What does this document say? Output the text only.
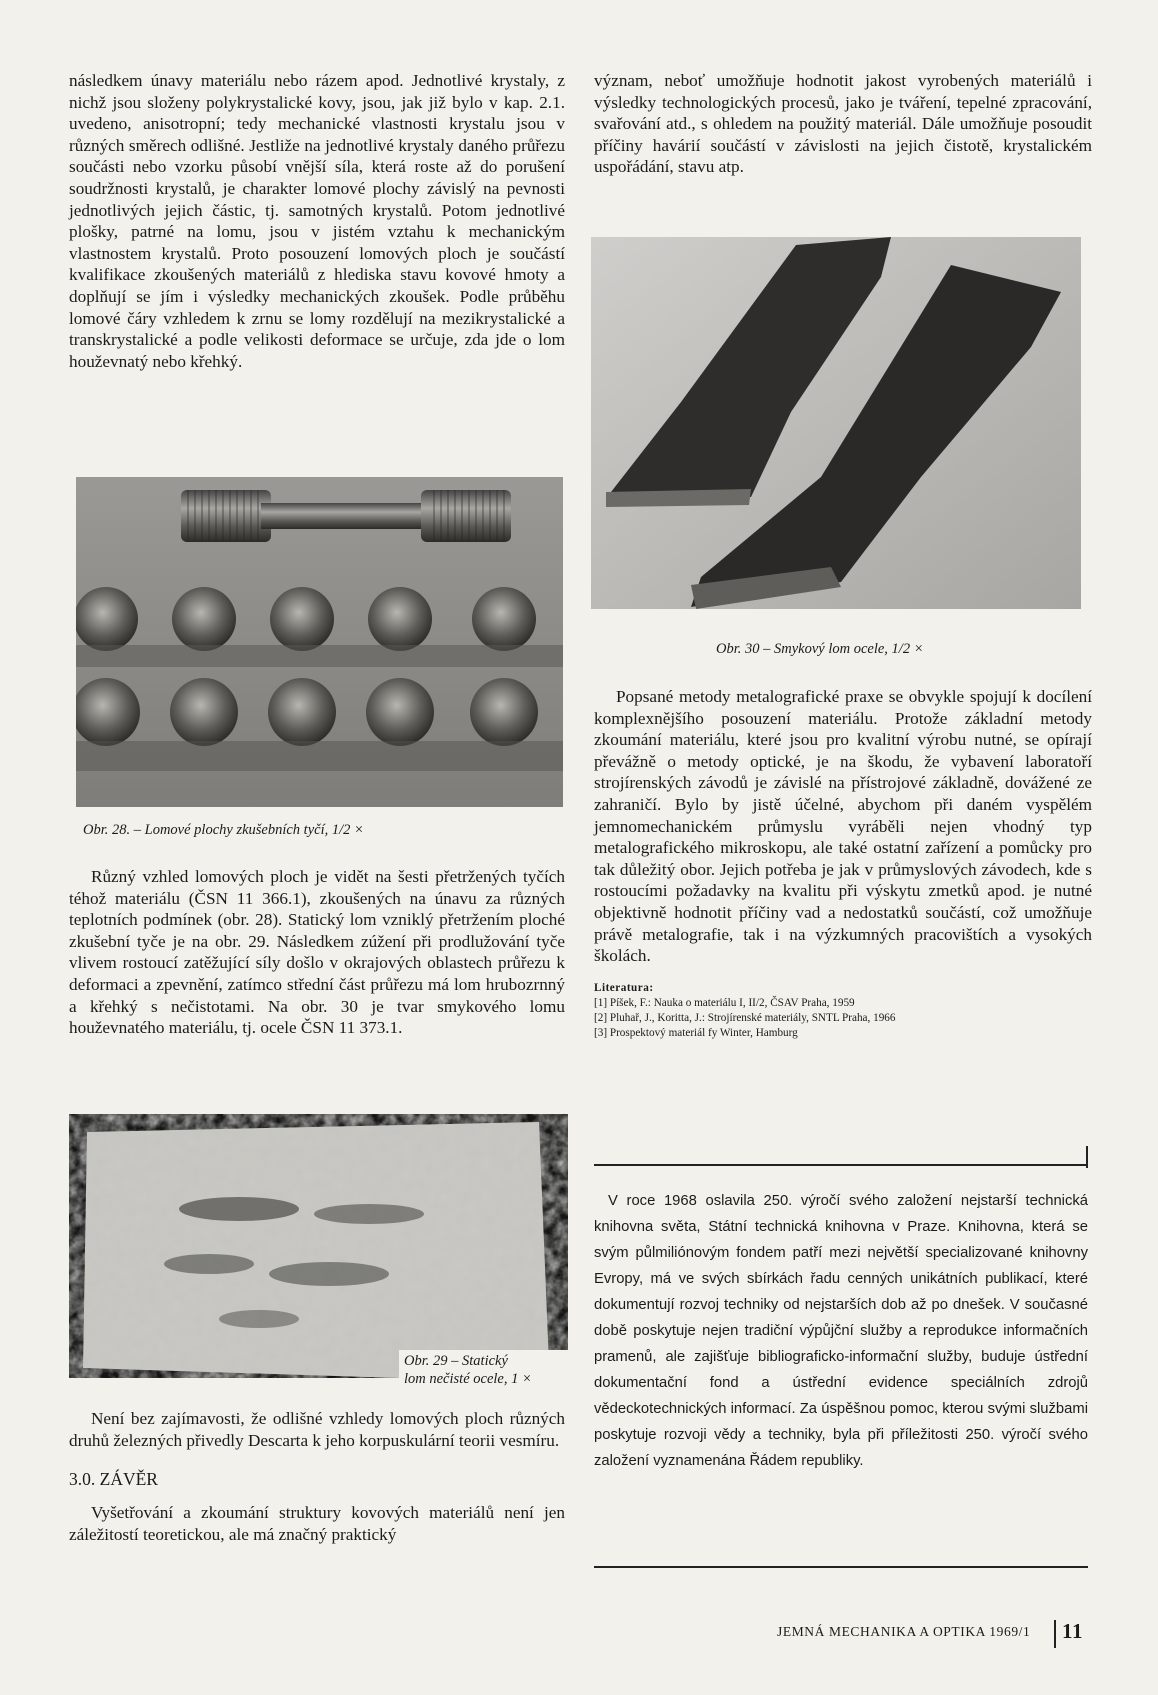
následkem únavy materiálu nebo rázem apod. Jednotlivé krystaly, z nichž jsou složeny polykrystalické kovy, jsou, jak již bylo v kap. 2.1. uvedeno, anisotropní; tedy mechanické vlastnosti krystalu jsou v různých směrech odlišné. Jestliže na jednotlivé krystaly daného průřezu součásti nebo vzorku působí vnější síla, která roste až do porušení soudržnosti krystalů, je charakter lomové plochy závislý na pevnosti jednotlivých jejich částic, tj. samotných krystalů. Potom jednotlivé plošky, patrné na lomu, jsou v jistém vztahu k mechanickým vlastnostem krystalů. Proto posouzení lomových ploch je součástí kvalifikace zkoušených materiálů z hlediska stavu kovové hmoty a doplňují se jím i výsledky mechanických zkoušek. Podle průběhu lomové čáry vzhledem k zrnu se lomy rozdělují na mezikrystalické a transkrystalické a podle velikosti deformace se určuje, zda jde o lom houževnatý nebo křehký.

Obr. 28. – Lomové plochy zkušebních tyčí, 1/2 ×

Různý vzhled lomových ploch je vidět na šesti přetržených tyčích téhož materiálu (ČSN 11 366.1), zkoušených na únavu za různých teplotních podmínek (obr. 28). Statický lom vzniklý přetržením ploché zkušební tyče je na obr. 29. Následkem zúžení při prodlužování tyče vlivem rostoucí zatěžující síly došlo v okrajových oblastech průřezu k deformaci a zpevnění, zatímco střední část průřezu má lom hrubozrnný a křehký s nečistotami. Na obr. 30 je tvar smykového lomu houževnatého materiálu, tj. ocele ČSN 11 373.1.

Obr. 29 – Statický
lom nečisté ocele, 1 ×

Není bez zajímavosti, že odlišné vzhledy lomových ploch různých druhů železných přivedly Descarta k jeho korpuskulární teorii vesmíru.

3.0. ZÁVĚR

Vyšetřování a zkoumání struktury kovových materiálů není jen záležitostí teoretickou, ale má značný praktický

význam, neboť umožňuje hodnotit jakost vyrobených materiálů i výsledky technologických procesů, jako je tváření, tepelné zpracování, svařování atd., s ohledem na použitý materiál. Dále umožňuje posoudit příčiny havárií součástí v závislosti na jejich čistotě, krystalickém uspořádání, stavu atp.

Obr. 30 – Smykový lom ocele, 1/2 ×

Popsané metody metalografické praxe se obvykle spojují k docílení komplexnějšího posouzení materiálu. Protože základní metody zkoumání materiálu, které jsou pro kvalitní výrobu nutné, se opírají převážně o metody optické, je na škodu, že vybavení laboratoří strojírenských závodů je závislé na přístrojové základně, dovážené ze zahraničí. Bylo by jistě účelné, abychom při daném vyspělém jemnomechanickém průmyslu vyráběli nejen vhodný typ metalografického mikroskopu, ale také ostatní zařízení a pomůcky pro tak důležitý obor. Jejich potřeba je jak v průmyslových závodech, kde s rostoucími požadavky na kvalitu při výskytu zmetků apod. je nutné objektivně hodnotit příčiny vad a nedostatků součástí, což umožňuje právě metalografie, tak i na výzkumných pracovištích a vysokých školách.

Literatura:
[1] Píšek, F.: Nauka o materiálu I, II/2, ČSAV Praha, 1959
[2] Pluhař, J., Koritta, J.: Strojírenské materiály, SNTL Praha, 1966
[3] Prospektový materiál fy Winter, Hamburg

V roce 1968 oslavila 250. výročí svého založení nejstarší technická knihovna světa, Státní technická knihovna v Praze. Knihovna, která se svým půlmiliónovým fondem patří mezi největší specializované knihovny Evropy, má ve svých sbírkách řadu cenných unikátních publikací, které dokumentují rozvoj techniky od nejstarších dob až po dnešek. V současné době poskytuje nejen tradiční výpůjční služby a reprodukce informačních pramenů, ale zajišťuje bibliograficko-informační služby, buduje ústřední dokumentační fond a ústřední evidence speciálních zdrojů vědeckotechnických informací. Za úspěšnou pomoc, kterou svými službami poskytuje rozvoji vědy a techniky, byla při příležitosti 250. výročí svého založení vyznamenána Řádem republiky.

JEMNÁ MECHANIKA A OPTIKA 1969/1 11
